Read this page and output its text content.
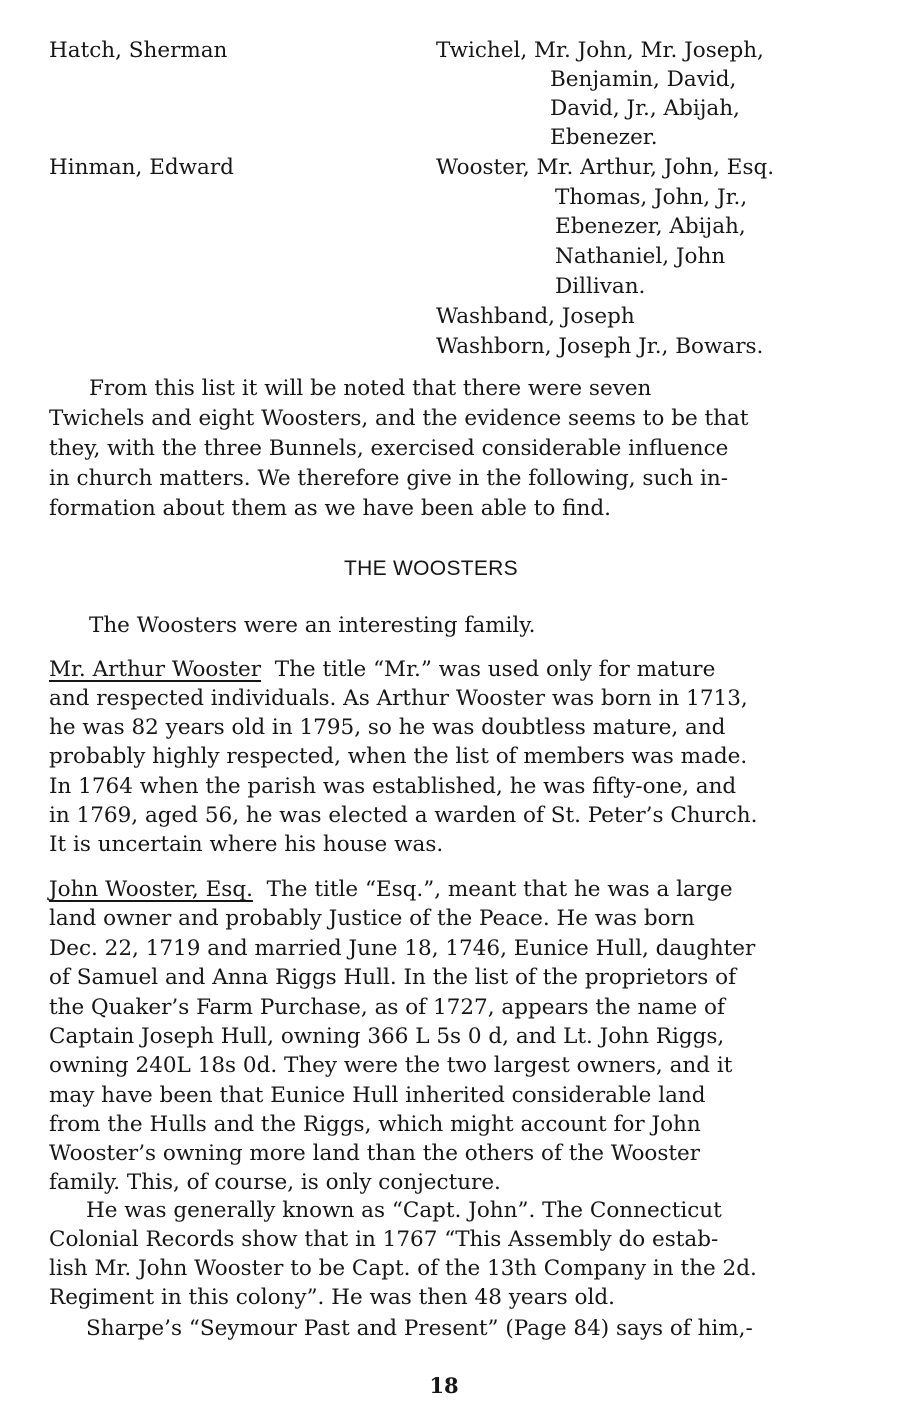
Hatch, Sherman
Hinman, Edward
Twichel, Mr. John, Mr. Joseph,
Benjamin, David,
David, Jr., Abijah,
Ebenezer.
Wooster, Mr. Arthur, John, Esq.
Thomas, John, Jr.,
Ebenezer, Abijah,
Nathaniel, John
Dillivan.
Washband, Joseph
Washborn, Joseph Jr., Bowars.
From this list it will be noted that there were seven
Twichels and eight Woosters, and the evidence seems to be that
they, with the three Bunnels, exercised considerable influence
in church matters. We therefore give in the following, such in-
formation about them as we have been able to find.
THE WOOSTERS
The Woosters were an interesting family.
Mr. Arthur Wooster The title “Mr.” was used only for mature
and respected individuals. As Arthur Wooster was born in 1713,
he was 82 years old in 1795, so he was doubtless mature, and
probably highly respected, when the list of members was made.
In 1764 when the parish was established, he was fifty-one, and
in 1769, aged 56, he was elected a warden of St. Peter’s Church.
It is uncertain where his house was.
John Wooster, Esq. The title “Esq.”, meant that he was a large
land owner and probably Justice of the Peace. He was born
Dec. 22, 1719 and married June 18, 1746, Eunice Hull, daughter
of Samuel and Anna Riggs Hull. In the list of the proprietors of
the Quaker’s Farm Purchase, as of 1727, appears the name of
Captain Joseph Hull, owning 366 L 5s 0 d, and Lt. John Riggs,
owning 240L 18s 0d. They were the two largest owners, and it
may have been that Eunice Hull inherited considerable land
from the Hulls and the Riggs, which might account for John
Wooster’s owning more land than the others of the Wooster
family. This, of course, is only conjecture.
He was generally known as “Capt. John”. The Connecticut
Colonial Records show that in 1767 “This Assembly do estab-
lish Mr. John Wooster to be Capt. of the 13th Company in the 2d.
Regiment in this colony”. He was then 48 years old.
Sharpe’s “Seymour Past and Present” (Page 84) says of him,-
18
